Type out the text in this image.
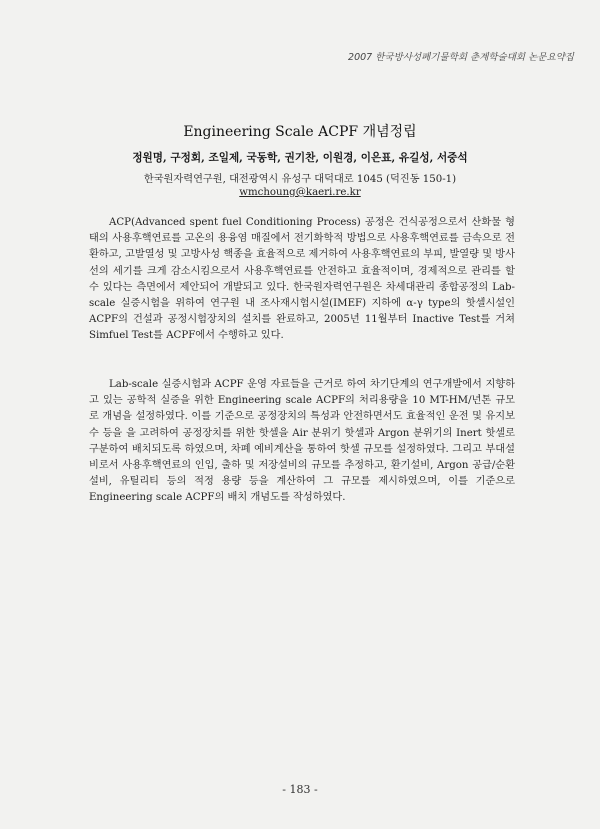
2007 한국방사성폐기물학회 춘계학술대회 논문요약집
Engineering Scale ACPF 개념정립
정원명, 구정회, 조일제, 국동학, 권기찬, 이원경, 이은표, 유길성, 서중석
한국원자력연구원, 대전광역시 유성구 대덕대로 1045 (덕진동 150-1)
wmchoung@kaeri.re.kr

ACP(Advanced spent fuel Conditioning Process) 공정은 건식공정으로서 산화물 형태의 사용후핵연료를 고온의 용융염 매질에서 전기화학적 방법으로 사용후핵연료를 금속으로 전환하고, 고발열성 및 고방사성 핵종을 효율적으로 제거하여 사용후핵연료의 부피, 발열량 및 방사선의 세기를 크게 감소시킴으로서 사용후핵연료를 안전하고 효율적이며, 경제적으로 관리를 할 수 있다는 측면에서 제안되어 개발되고 있다. 한국원자력연구원은 차세대관리 종합공정의 Lab-scale 실증시험을 위하여 연구원 내 조사재시험시설(IMEF) 지하에 α-γ type의 핫셀시설인 ACPF의 건설과 공정시험장치의 설치를 완료하고, 2005년 11월부터 Inactive Test를 거쳐 Simfuel Test를 ACPF에서 수행하고 있다.

Lab-scale 실증시험과 ACPF 운영 자료들을 근거로 하여 차기단계의 연구개발에서 지향하고 있는 공학적 실증을 위한 Engineering scale ACPF의 처리용량을 10 MT-HM/년톤 규모로 개념을 설정하였다. 이를 기준으로 공정장치의 특성과 안전하면서도 효율적인 운전 및 유지보수 등을 을 고려하여 공정장치를 위한 핫셀을 Air 분위기 핫셀과 Argon 분위기의 Inert 핫셀로 구분하여 배치되도록 하였으며, 차폐 예비계산을 통하여 핫셀 규모를 설정하였다. 그리고 부대설비로서 사용후핵연료의 인입, 출하 및 저장설비의 규모를 추정하고, 환기설비, Argon 공급/순환설비, 유틸리티 등의 적정 용량 등을 계산하여 그 규모를 제시하였으며, 이를 기준으로 Engineering scale ACPF의 배치 개념도를 작성하였다.

- 183 -
